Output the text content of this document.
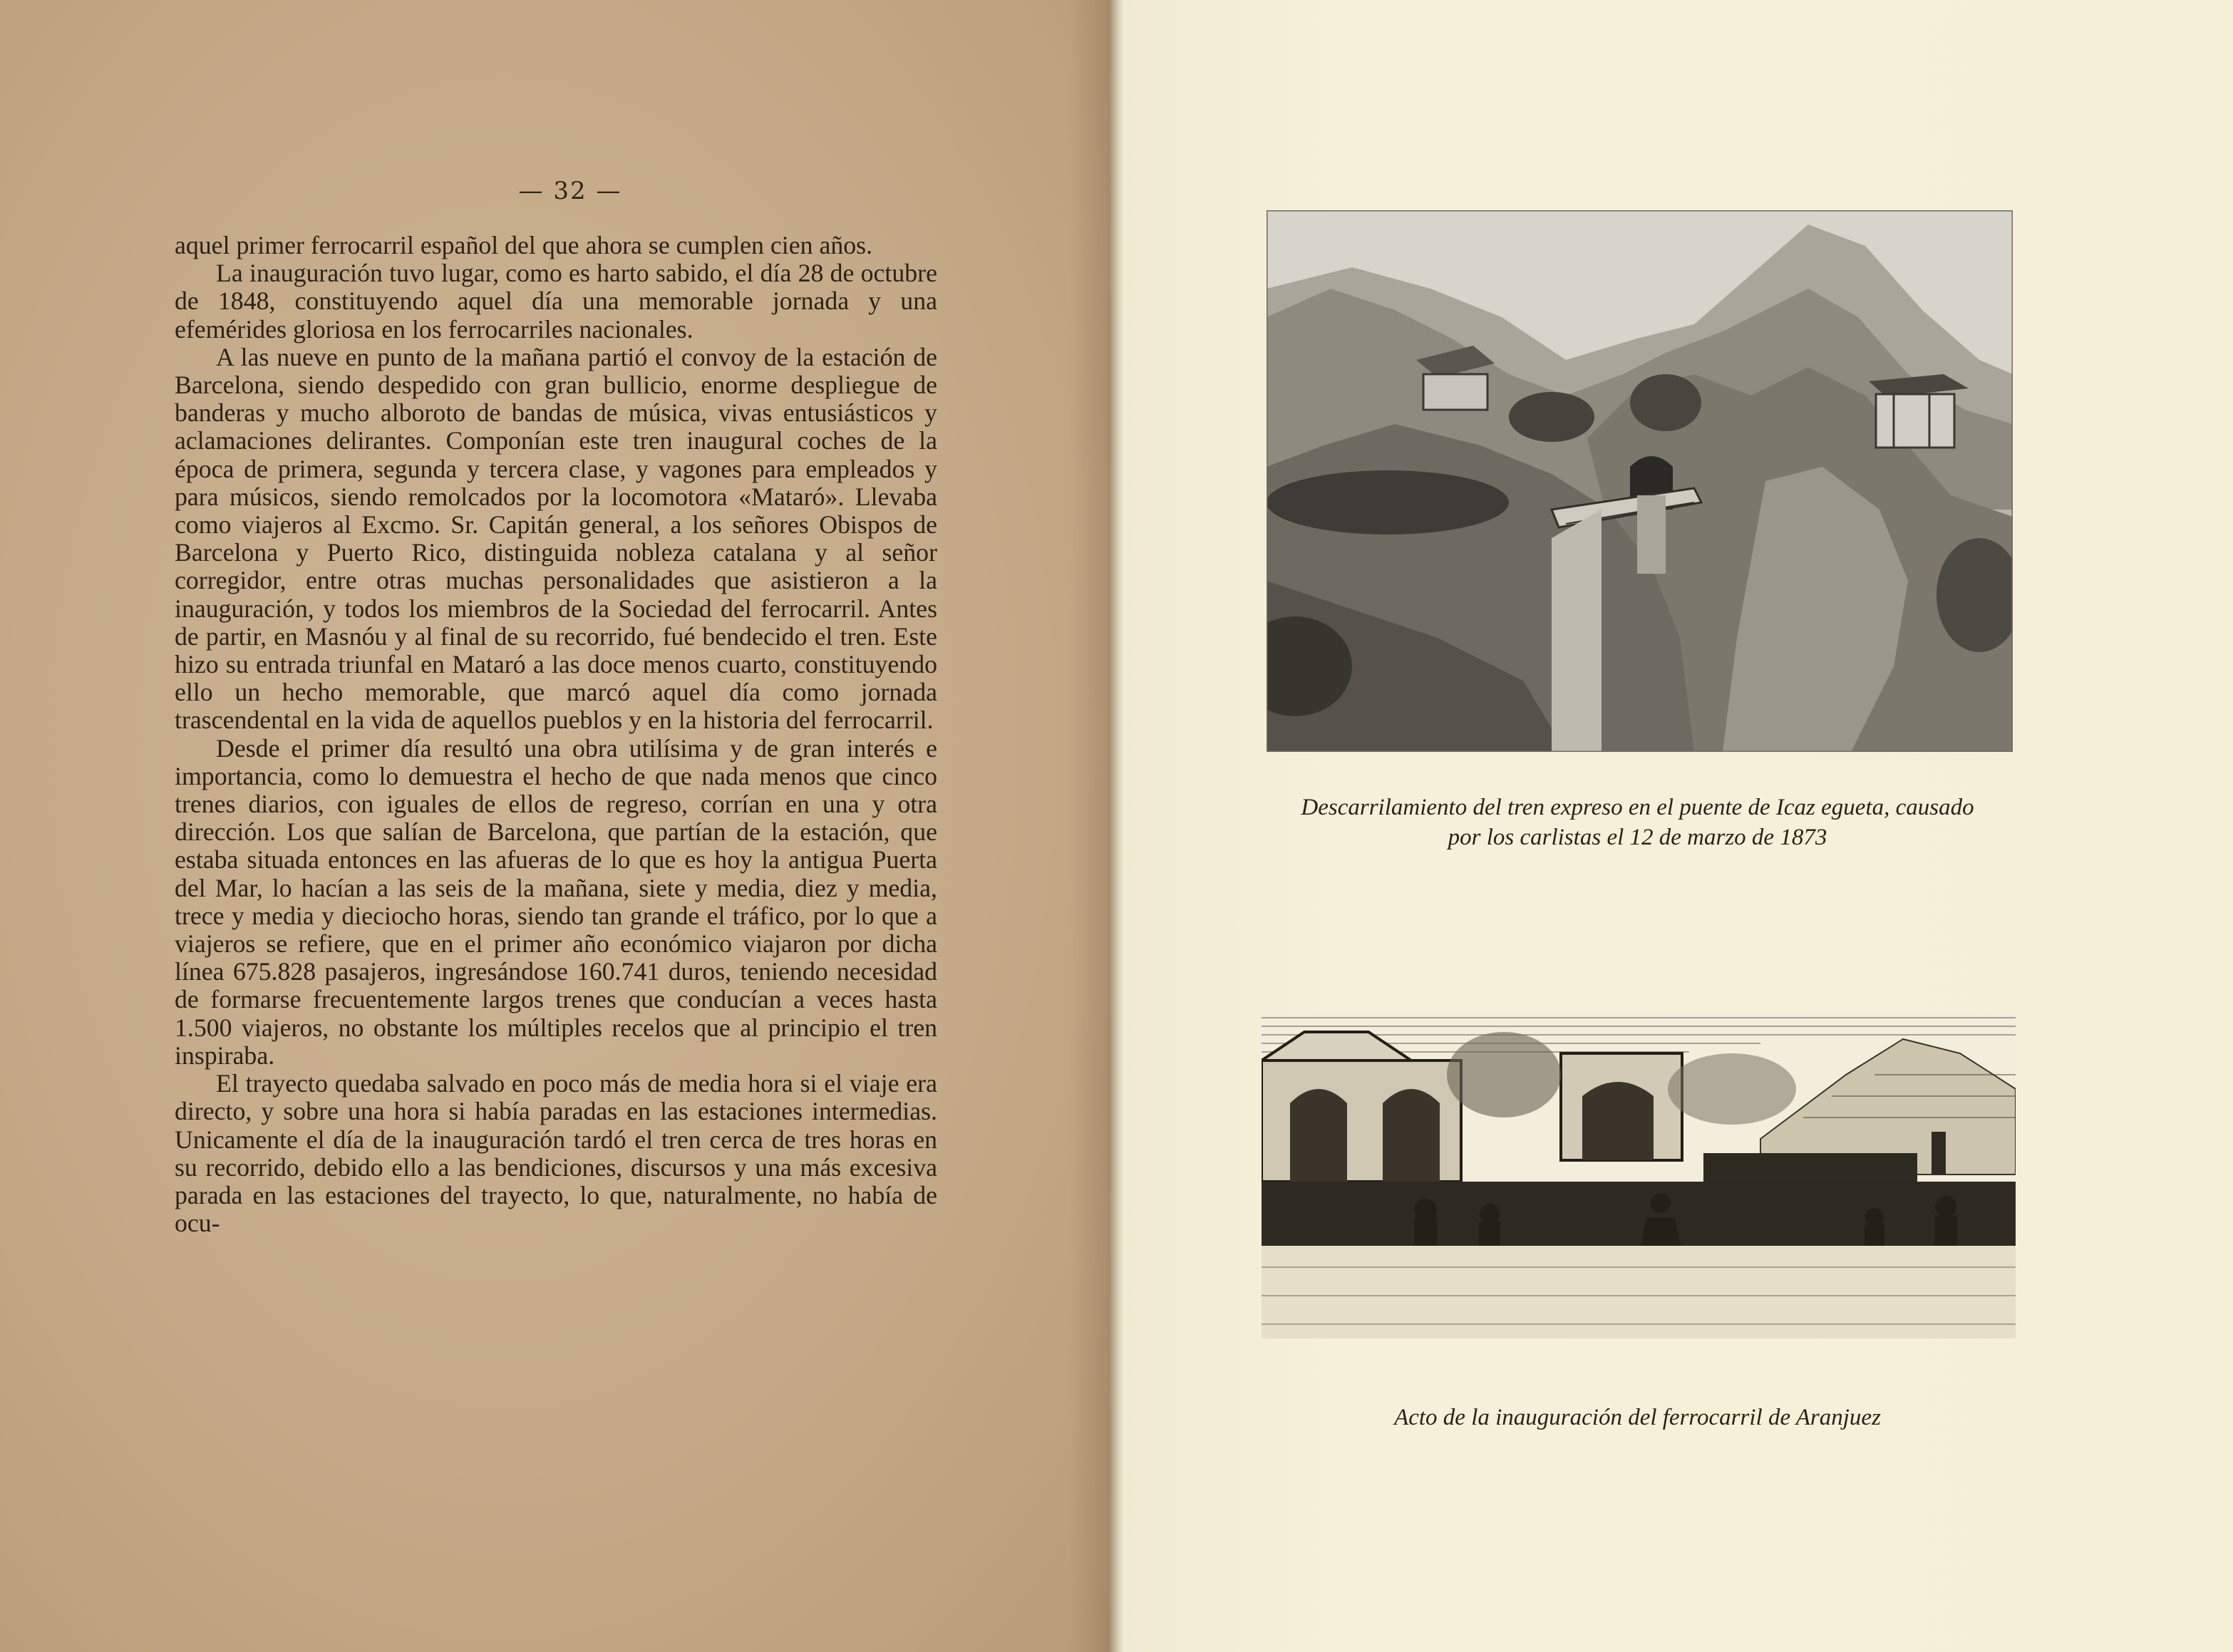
— 32 —

aquel primer ferrocarril español del que ahora se cumplen cien años.

La inauguración tuvo lugar, como es harto sabido, el día 28 de octubre de 1848, constituyendo aquel día una memorable jornada y una efemérides gloriosa en los ferrocarriles nacionales.

A las nueve en punto de la mañana partió el convoy de la estación de Barcelona, siendo despedido con gran bullicio, enorme despliegue de banderas y mucho alboroto de bandas de música, vivas entusiásticos y aclamaciones delirantes. Componían este tren inaugural coches de la época de primera, segunda y tercera clase, y vagones para empleados y para músicos, siendo remolcados por la locomotora «Mataró». Llevaba como viajeros al Excmo. Sr. Capitán general, a los señores Obispos de Barcelona y Puerto Rico, distinguida nobleza catalana y al señor corregidor, entre otras muchas personalidades que asistieron a la inauguración, y todos los miembros de la Sociedad del ferrocarril. Antes de partir, en Masnóu y al final de su recorrido, fué bendecido el tren. Este hizo su entrada triunfal en Mataró a las doce menos cuarto, constituyendo ello un hecho memorable, que marcó aquel día como jornada trascendental en la vida de aquellos pueblos y en la historia del ferrocarril.

Desde el primer día resultó una obra utilísima y de gran interés e importancia, como lo demuestra el hecho de que nada menos que cinco trenes diarios, con iguales de ellos de regreso, corrían en una y otra dirección. Los que salían de Barcelona, que partían de la estación, que estaba situada entonces en las afueras de lo que es hoy la antigua Puerta del Mar, lo hacían a las seis de la mañana, siete y media, diez y media, trece y media y dieciocho horas, siendo tan grande el tráfico, por lo que a viajeros se refiere, que en el primer año económico viajaron por dicha línea 675.828 pasajeros, ingresándose 160.741 duros, teniendo necesidad de formarse frecuentemente largos trenes que conducían a veces hasta 1.500 viajeros, no obstante los múltiples recelos que al principio el tren inspiraba.

El trayecto quedaba salvado en poco más de media hora si el viaje era directo, y sobre una hora si había paradas en las estaciones intermedias. Unicamente el día de la inauguración tardó el tren cerca de tres horas en su recorrido, debido ello a las bendiciones, discursos y una más excesiva parada en las estaciones del trayecto, lo que, naturalmente, no había de ocu-

Descarrilamiento del tren expreso en el puente de Icaz egueta, causado
por los carlistas el 12 de marzo de 1873
Acto de la inauguración del ferrocarril de Aranjuez
